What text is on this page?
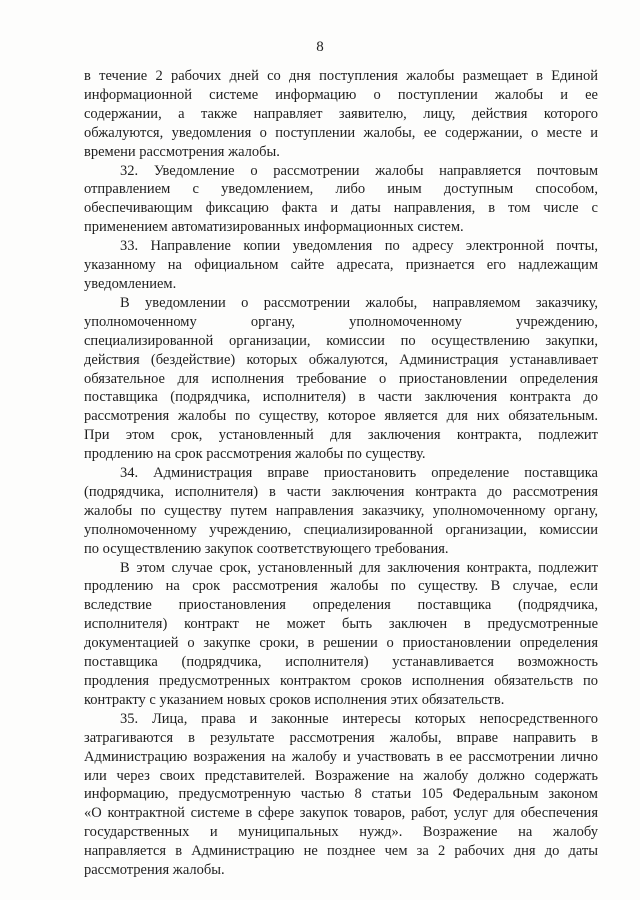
8
в течение 2 рабочих дней со дня поступления жалобы размещает в Единой
информационной системе информацию о поступлении жалобы и ее
содержании, а также направляет заявителю, лицу, действия которого
обжалуются, уведомления о поступлении жалобы, ее содержании, о месте и
времени рассмотрения жалобы.
32. Уведомление о рассмотрении жалобы направляется почтовым
отправлением с уведомлением, либо иным доступным способом,
обеспечивающим фиксацию факта и даты направления, в том числе с
применением автоматизированных информационных систем.
33. Направление копии уведомления по адресу электронной почты,
указанному на официальном сайте адресата, признается его надлежащим
уведомлением.
В уведомлении о рассмотрении жалобы, направляемом заказчику,
уполномоченному органу, уполномоченному учреждению,
специализированной организации, комиссии по осуществлению закупки,
действия (бездействие) которых обжалуются, Администрация устанавливает
обязательное для исполнения требование о приостановлении определения
поставщика (подрядчика, исполнителя) в части заключения контракта до
рассмотрения жалобы по существу, которое является для них обязательным.
При этом срок, установленный для заключения контракта, подлежит
продлению на срок рассмотрения жалобы по существу.
34. Администрация вправе приостановить определение поставщика
(подрядчика, исполнителя) в части заключения контракта до рассмотрения
жалобы по существу путем направления заказчику, уполномоченному органу,
уполномоченному учреждению, специализированной организации, комиссии
по осуществлению закупок соответствующего требования.
В этом случае срок, установленный для заключения контракта, подлежит
продлению на срок рассмотрения жалобы по существу. В случае, если
вследствие приостановления определения поставщика (подрядчика,
исполнителя) контракт не может быть заключен в предусмотренные
документацией о закупке сроки, в решении о приостановлении определения
поставщика (подрядчика, исполнителя) устанавливается возможность
продления предусмотренных контрактом сроков исполнения обязательств по
контракту с указанием новых сроков исполнения этих обязательств.
35. Лица, права и законные интересы которых непосредственного
затрагиваются в результате рассмотрения жалобы, вправе направить в
Администрацию возражения на жалобу и участвовать в ее рассмотрении лично
или через своих представителей. Возражение на жалобу должно содержать
информацию, предусмотренную частью 8 статьи 105 Федеральным законом
«О контрактной системе в сфере закупок товаров, работ, услуг для обеспечения
государственных и муниципальных нужд». Возражение на жалобу
направляется в Администрацию не позднее чем за 2 рабочих дня до даты
рассмотрения жалобы.
